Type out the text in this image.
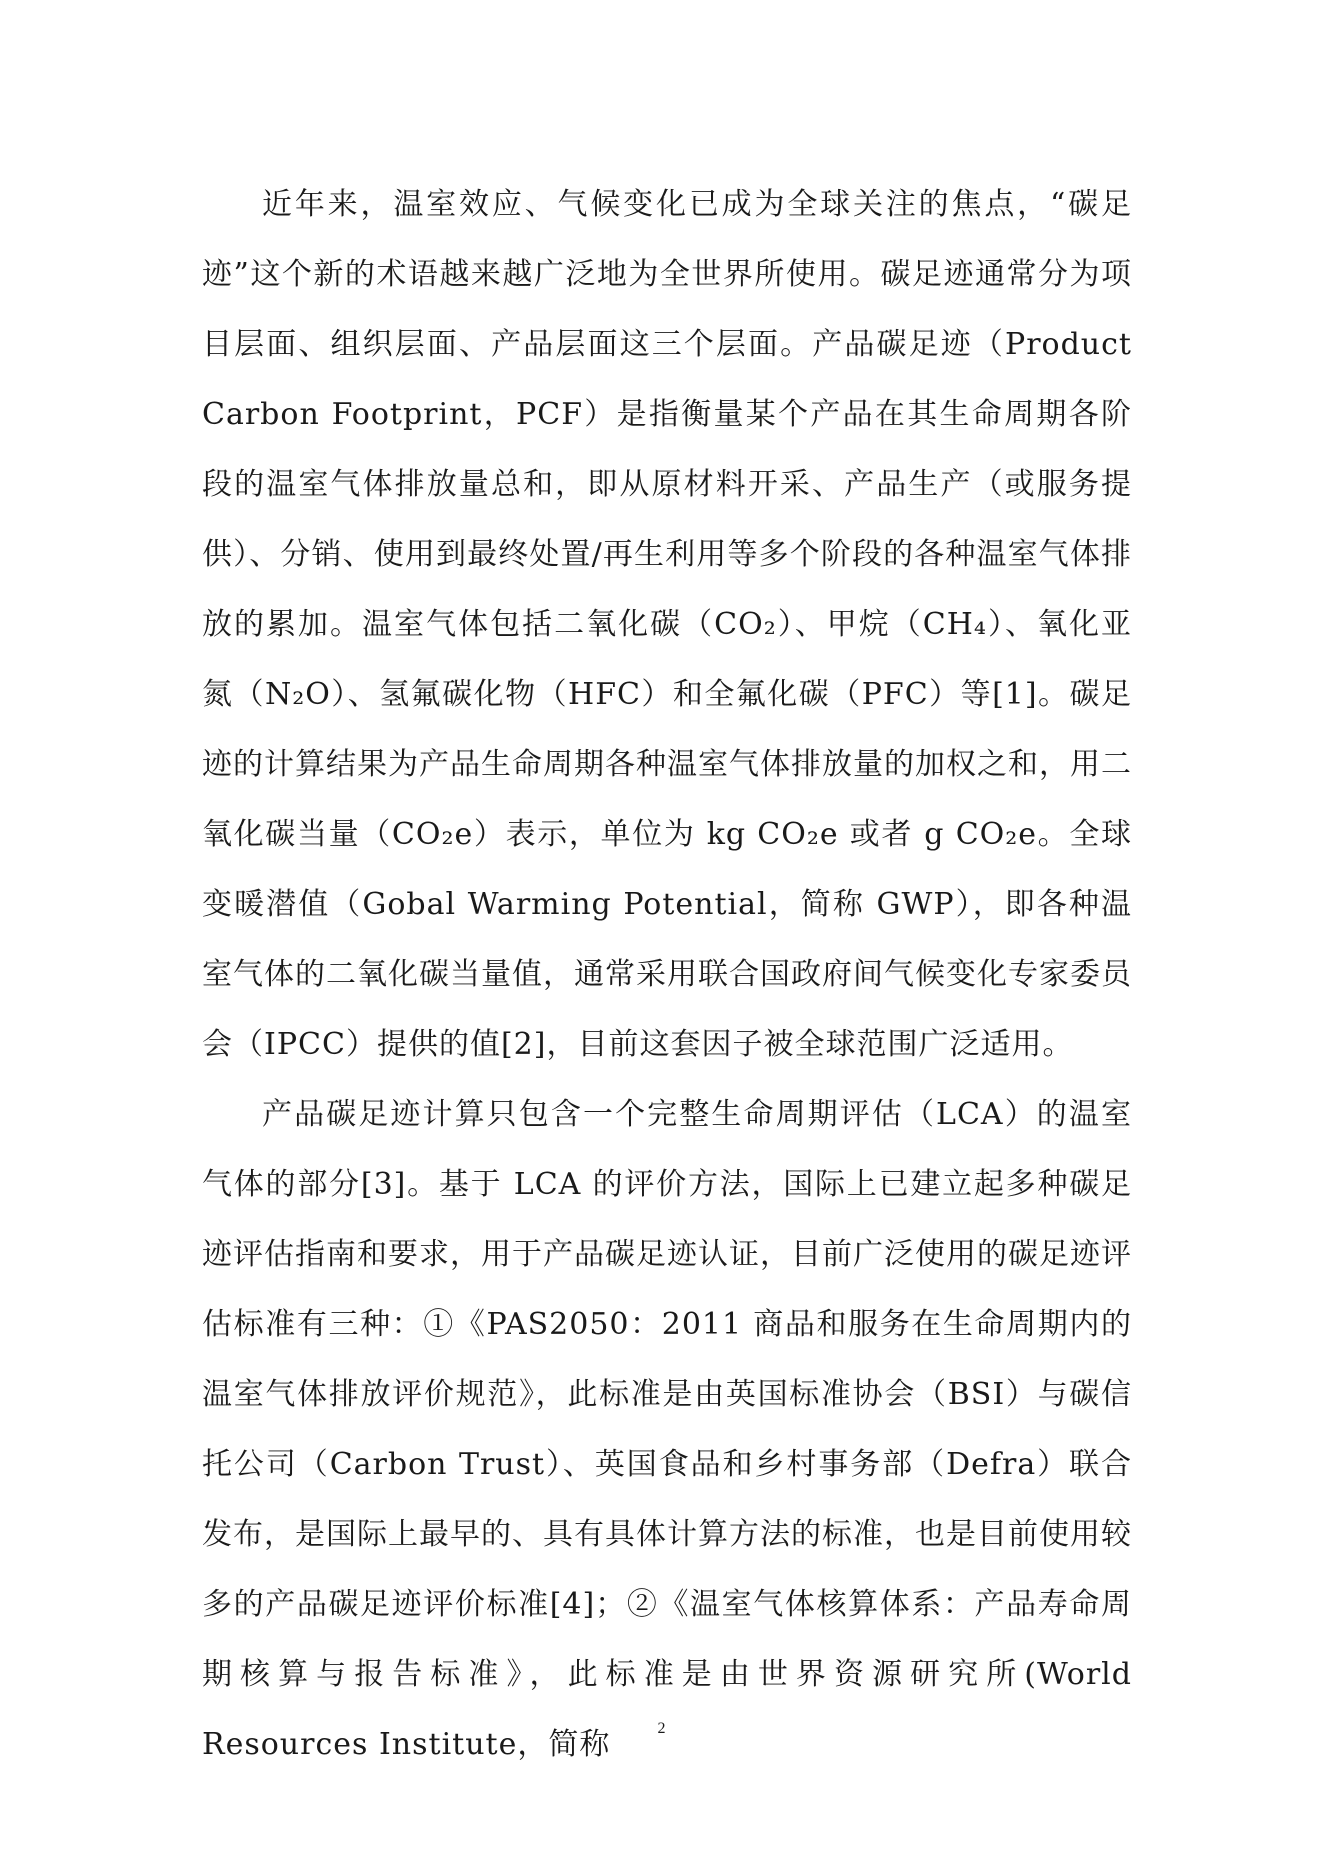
近年来，温室效应、气候变化已成为全球关注的焦点，“碳足迹”这个新的术语越来越广泛地为全世界所使用。碳足迹通常分为项目层面、组织层面、产品层面这三个层面。产品碳足迹（Product Carbon Footprint，PCF）是指衡量某个产品在其生命周期各阶段的温室气体排放量总和，即从原材料开采、产品生产（或服务提供）、分销、使用到最终处置/再生利用等多个阶段的各种温室气体排放的累加。温室气体包括二氧化碳（CO₂）、甲烷（CH₄）、氧化亚氮（N₂O）、氢氟碳化物（HFC）和全氟化碳（PFC）等[1]。碳足迹的计算结果为产品生命周期各种温室气体排放量的加权之和，用二氧化碳当量（CO₂e）表示，单位为 kg CO₂e 或者 g CO₂e。全球变暖潜值（Gobal Warming Potential，简称 GWP），即各种温室气体的二氧化碳当量值，通常采用联合国政府间气候变化专家委员会（IPCC）提供的值[2]，目前这套因子被全球范围广泛适用。

产品碳足迹计算只包含一个完整生命周期评估（LCA）的温室气体的部分[3]。基于 LCA 的评价方法，国际上已建立起多种碳足迹评估指南和要求，用于产品碳足迹认证，目前广泛使用的碳足迹评估标准有三种：①《PAS2050：2011 商品和服务在生命周期内的温室气体排放评价规范》，此标准是由英国标准协会（BSI）与碳信托公司（Carbon Trust）、英国食品和乡村事务部（Defra）联合发布，是国际上最早的、具有具体计算方法的标准，也是目前使用较多的产品碳足迹评价标准[4]；②《温室气体核算体系：产品寿命周期核算与报告标准》，此标准是由世界资源研究所(World Resources Institute，简称	2
